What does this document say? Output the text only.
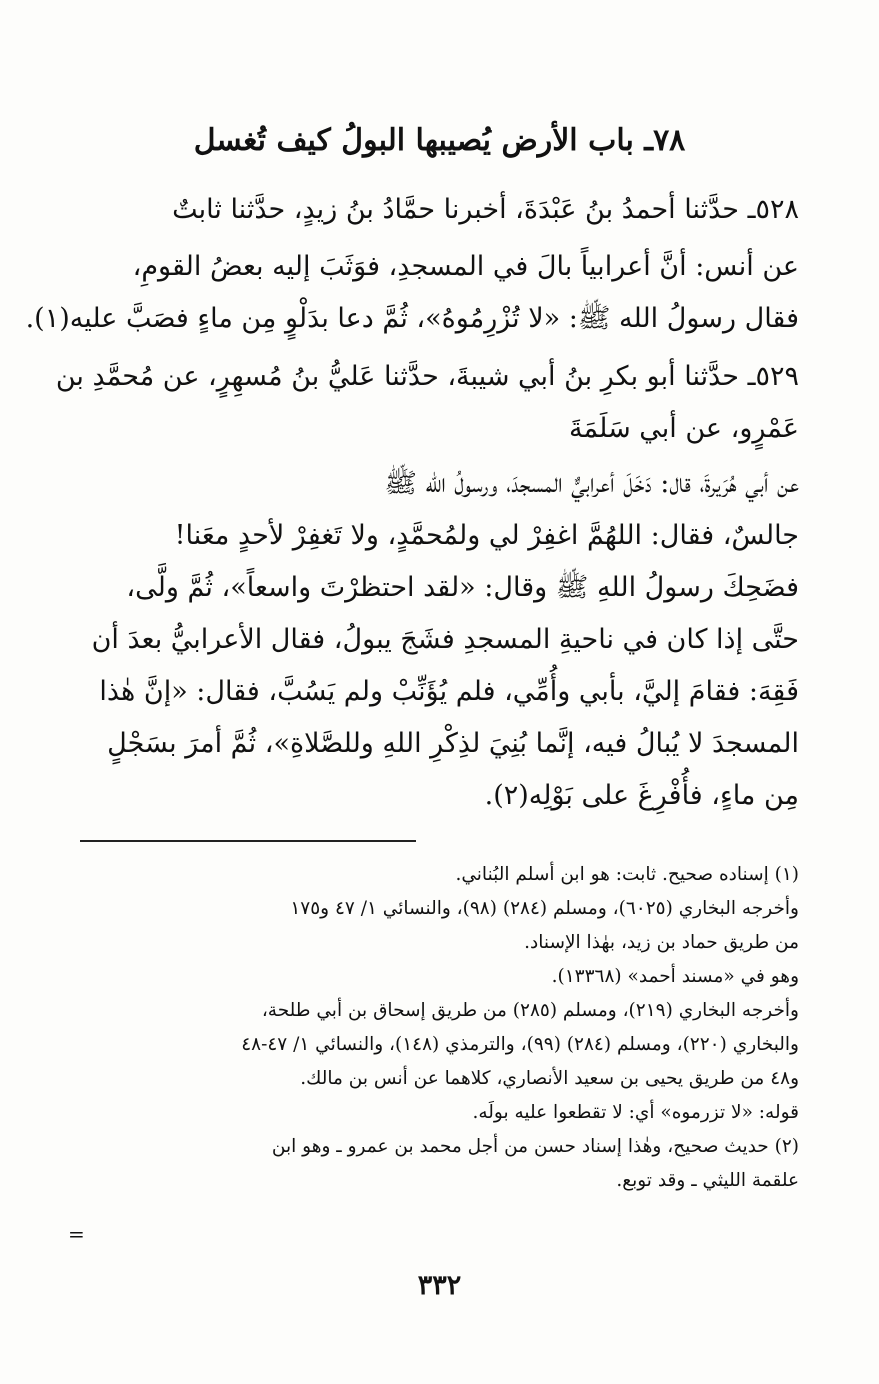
٧٨ـ باب الأرض يُصيبها البولُ كيف تُغسل
٥٢٨ـ حدَّثنا أحمدُ بنُ عَبْدَةَ، أخبرنا حمَّادُ بنُ زيدٍ، حدَّثنا ثابتٌ
عن أنس: أنَّ أعرابياً بالَ في المسجدِ، فوَثَبَ إليه بعضُ القومِ،
فقال رسولُ الله ﷺ: «لا تُزْرِمُوهُ»، ثُمَّ دعا بدَلْوٍ مِن ماءٍ فصَبَّ عليه(١).
٥٢٩ـ حدَّثنا أبو بكرِ بنُ أبي شيبةَ، حدَّثنا عَليُّ بنُ مُسهِرٍ، عن مُحمَّدِ بن
عَمْرٍو، عن أبي سَلَمَةَ
عن أبي هُرَيرةَ، قال: دَخَلَ أعرابيٌّ المسجدَ، ورسولُ الله ﷺ
جالسٌ، فقال: اللهُمَّ اغفِرْ لي ولمُحمَّدٍ، ولا تَغفِرْ لأحدٍ معَنا!
فضَحِكَ رسولُ اللهِ ﷺ وقال: «لقد احتظرْتَ واسعاً»، ثُمَّ ولَّى،
حتَّى إذا كان في ناحيةِ المسجدِ فشَجَ يبولُ، فقال الأعرابيُّ بعدَ أن
فَقِهَ: فقامَ إليَّ، بأبي وأُمِّي، فلم يُؤَنِّبْ ولم يَسُبَّ، فقال: «إنَّ هٰذا
المسجدَ لا يُبالُ فيه، إنَّما بُنِيَ لذِكْرِ اللهِ وللصَّلاةِ»، ثُمَّ أمرَ بسَجْلٍ
مِن ماءٍ، فأُفْرِغَ على بَوْلِه(٢).
(١) إسناده صحيح. ثابت: هو ابن أسلم البُناني.
وأخرجه البخاري (٦٠٢٥)، ومسلم (٢٨٤) (٩٨)، والنسائي ١/ ٤٧ و١٧٥
من طريق حماد بن زيد، بهٰذا الإسناد.
وهو في «مسند أحمد» (١٣٣٦٨).
وأخرجه البخاري (٢١٩)، ومسلم (٢٨٥) من طريق إسحاق بن أبي طلحة،
والبخاري (٢٢٠)، ومسلم (٢٨٤) (٩٩)، والترمذي (١٤٨)، والنسائي ١/ ٤٧-٤٨
و٤٨ من طريق يحيى بن سعيد الأنصاري، كلاهما عن أنس بن مالك.
قوله: «لا تزرموه» أي: لا تقطعوا عليه بولَه.
(٢) حديث صحيح، وهٰذا إسناد حسن من أجل محمد بن عمرو ـ وهو ابن
علقمة الليثي ـ وقد توبع.
=
٣٣٢
